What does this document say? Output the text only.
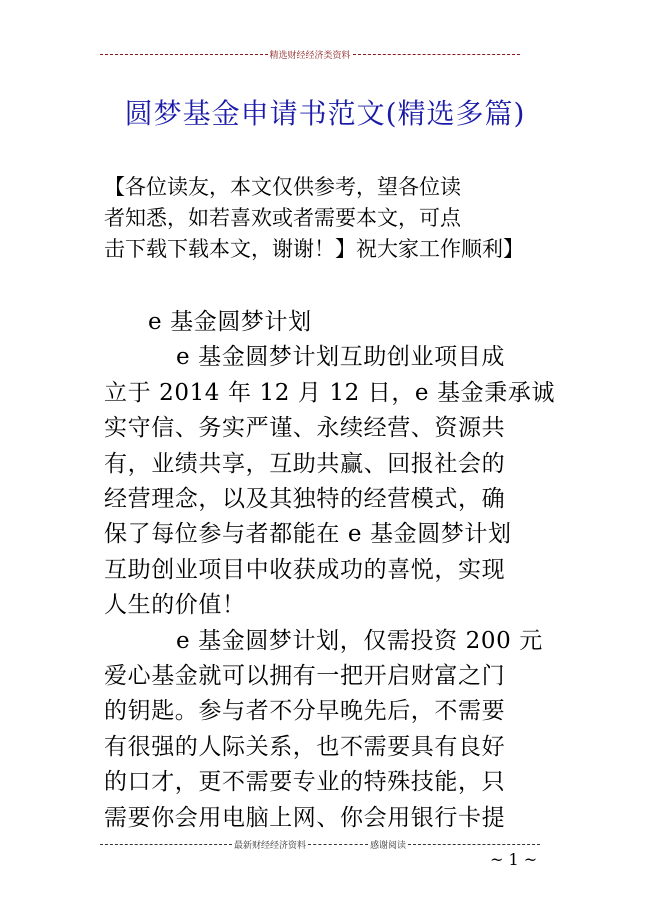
精选财经经济类资料
圆梦基金申请书范文(精选多篇)
【各位读友，本文仅供参考，望各位读
者知悉，如若喜欢或者需要本文，可点
击下载下载本文，谢谢！】祝大家工作顺利】
e 基金圆梦计划
e 基金圆梦计划互助创业项目成
立于 2014 年 12 月 12 日，e 基金秉承诚
实守信、务实严谨、永续经营、资源共
有，业绩共享，互助共赢、回报社会的
经营理念，以及其独特的经营模式，确
保了每位参与者都能在 e 基金圆梦计划
互助创业项目中收获成功的喜悦，实现
人生的价值！
e 基金圆梦计划，仅需投资 200 元
爱心基金就可以拥有一把开启财富之门
的钥匙。参与者不分早晚先后，不需要
有很强的人际关系，也不需要具有良好
的口才，更不需要专业的特殊技能，只
需要你会用电脑上网、你会用银行卡提
最新财经经济资料	感谢阅读
~ 1 ~
